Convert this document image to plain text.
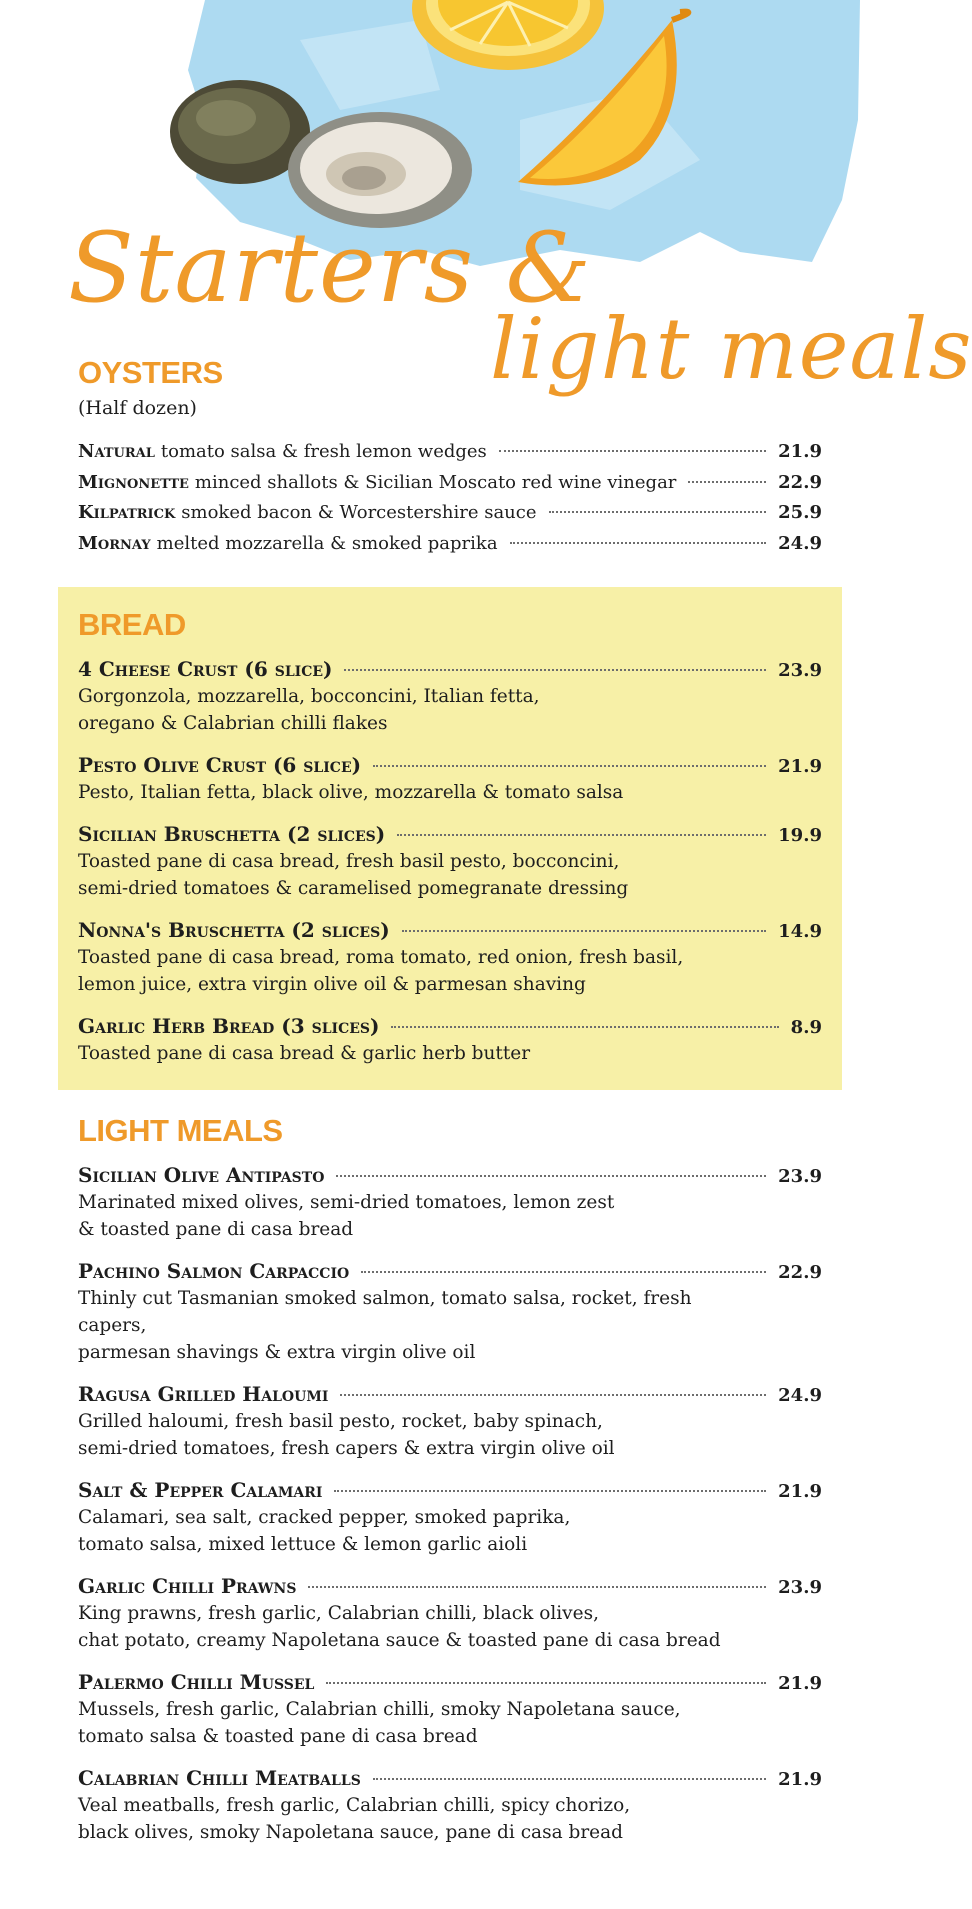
Starters &
light meals
OYSTERS
(Half dozen)
Natural tomato salsa & fresh lemon wedges	21.9
Mignonette minced shallots & Sicilian Moscato red wine vinegar	22.9
Kilpatrick smoked bacon & Worcestershire sauce	25.9
Mornay melted mozzarella & smoked paprika	24.9
BREAD
4 Cheese Crust (6 slice)	23.9
Gorgonzola, mozzarella, bocconcini, Italian fetta,
oregano & Calabrian chilli flakes
Pesto Olive Crust (6 slice)	21.9
Pesto, Italian fetta, black olive, mozzarella & tomato salsa
Sicilian Bruschetta (2 slices)	19.9
Toasted pane di casa bread, fresh basil pesto, bocconcini,
semi-dried tomatoes & caramelised pomegranate dressing
Nonna's Bruschetta (2 slices)	14.9
Toasted pane di casa bread, roma tomato, red onion, fresh basil,
lemon juice, extra virgin olive oil & parmesan shaving
Garlic Herb Bread (3 slices)	8.9
Toasted pane di casa bread & garlic herb butter
LIGHT MEALS
Sicilian Olive Antipasto	23.9
Marinated mixed olives, semi-dried tomatoes, lemon zest
& toasted pane di casa bread
Pachino Salmon Carpaccio	22.9
Thinly cut Tasmanian smoked salmon, tomato salsa, rocket, fresh capers,
parmesan shavings & extra virgin olive oil
Ragusa Grilled Haloumi	24.9
Grilled haloumi, fresh basil pesto, rocket, baby spinach,
semi-dried tomatoes, fresh capers & extra virgin olive oil
Salt & Pepper Calamari	21.9
Calamari, sea salt, cracked pepper, smoked paprika,
tomato salsa, mixed lettuce & lemon garlic aioli
Garlic Chilli Prawns	23.9
King prawns, fresh garlic, Calabrian chilli, black olives,
chat potato, creamy Napoletana sauce & toasted pane di casa bread
Palermo Chilli Mussel	21.9
Mussels, fresh garlic, Calabrian chilli, smoky Napoletana sauce,
tomato salsa & toasted pane di casa bread
Calabrian Chilli Meatballs	21.9
Veal meatballs, fresh garlic, Calabrian chilli, spicy chorizo,
black olives, smoky Napoletana sauce, pane di casa bread
